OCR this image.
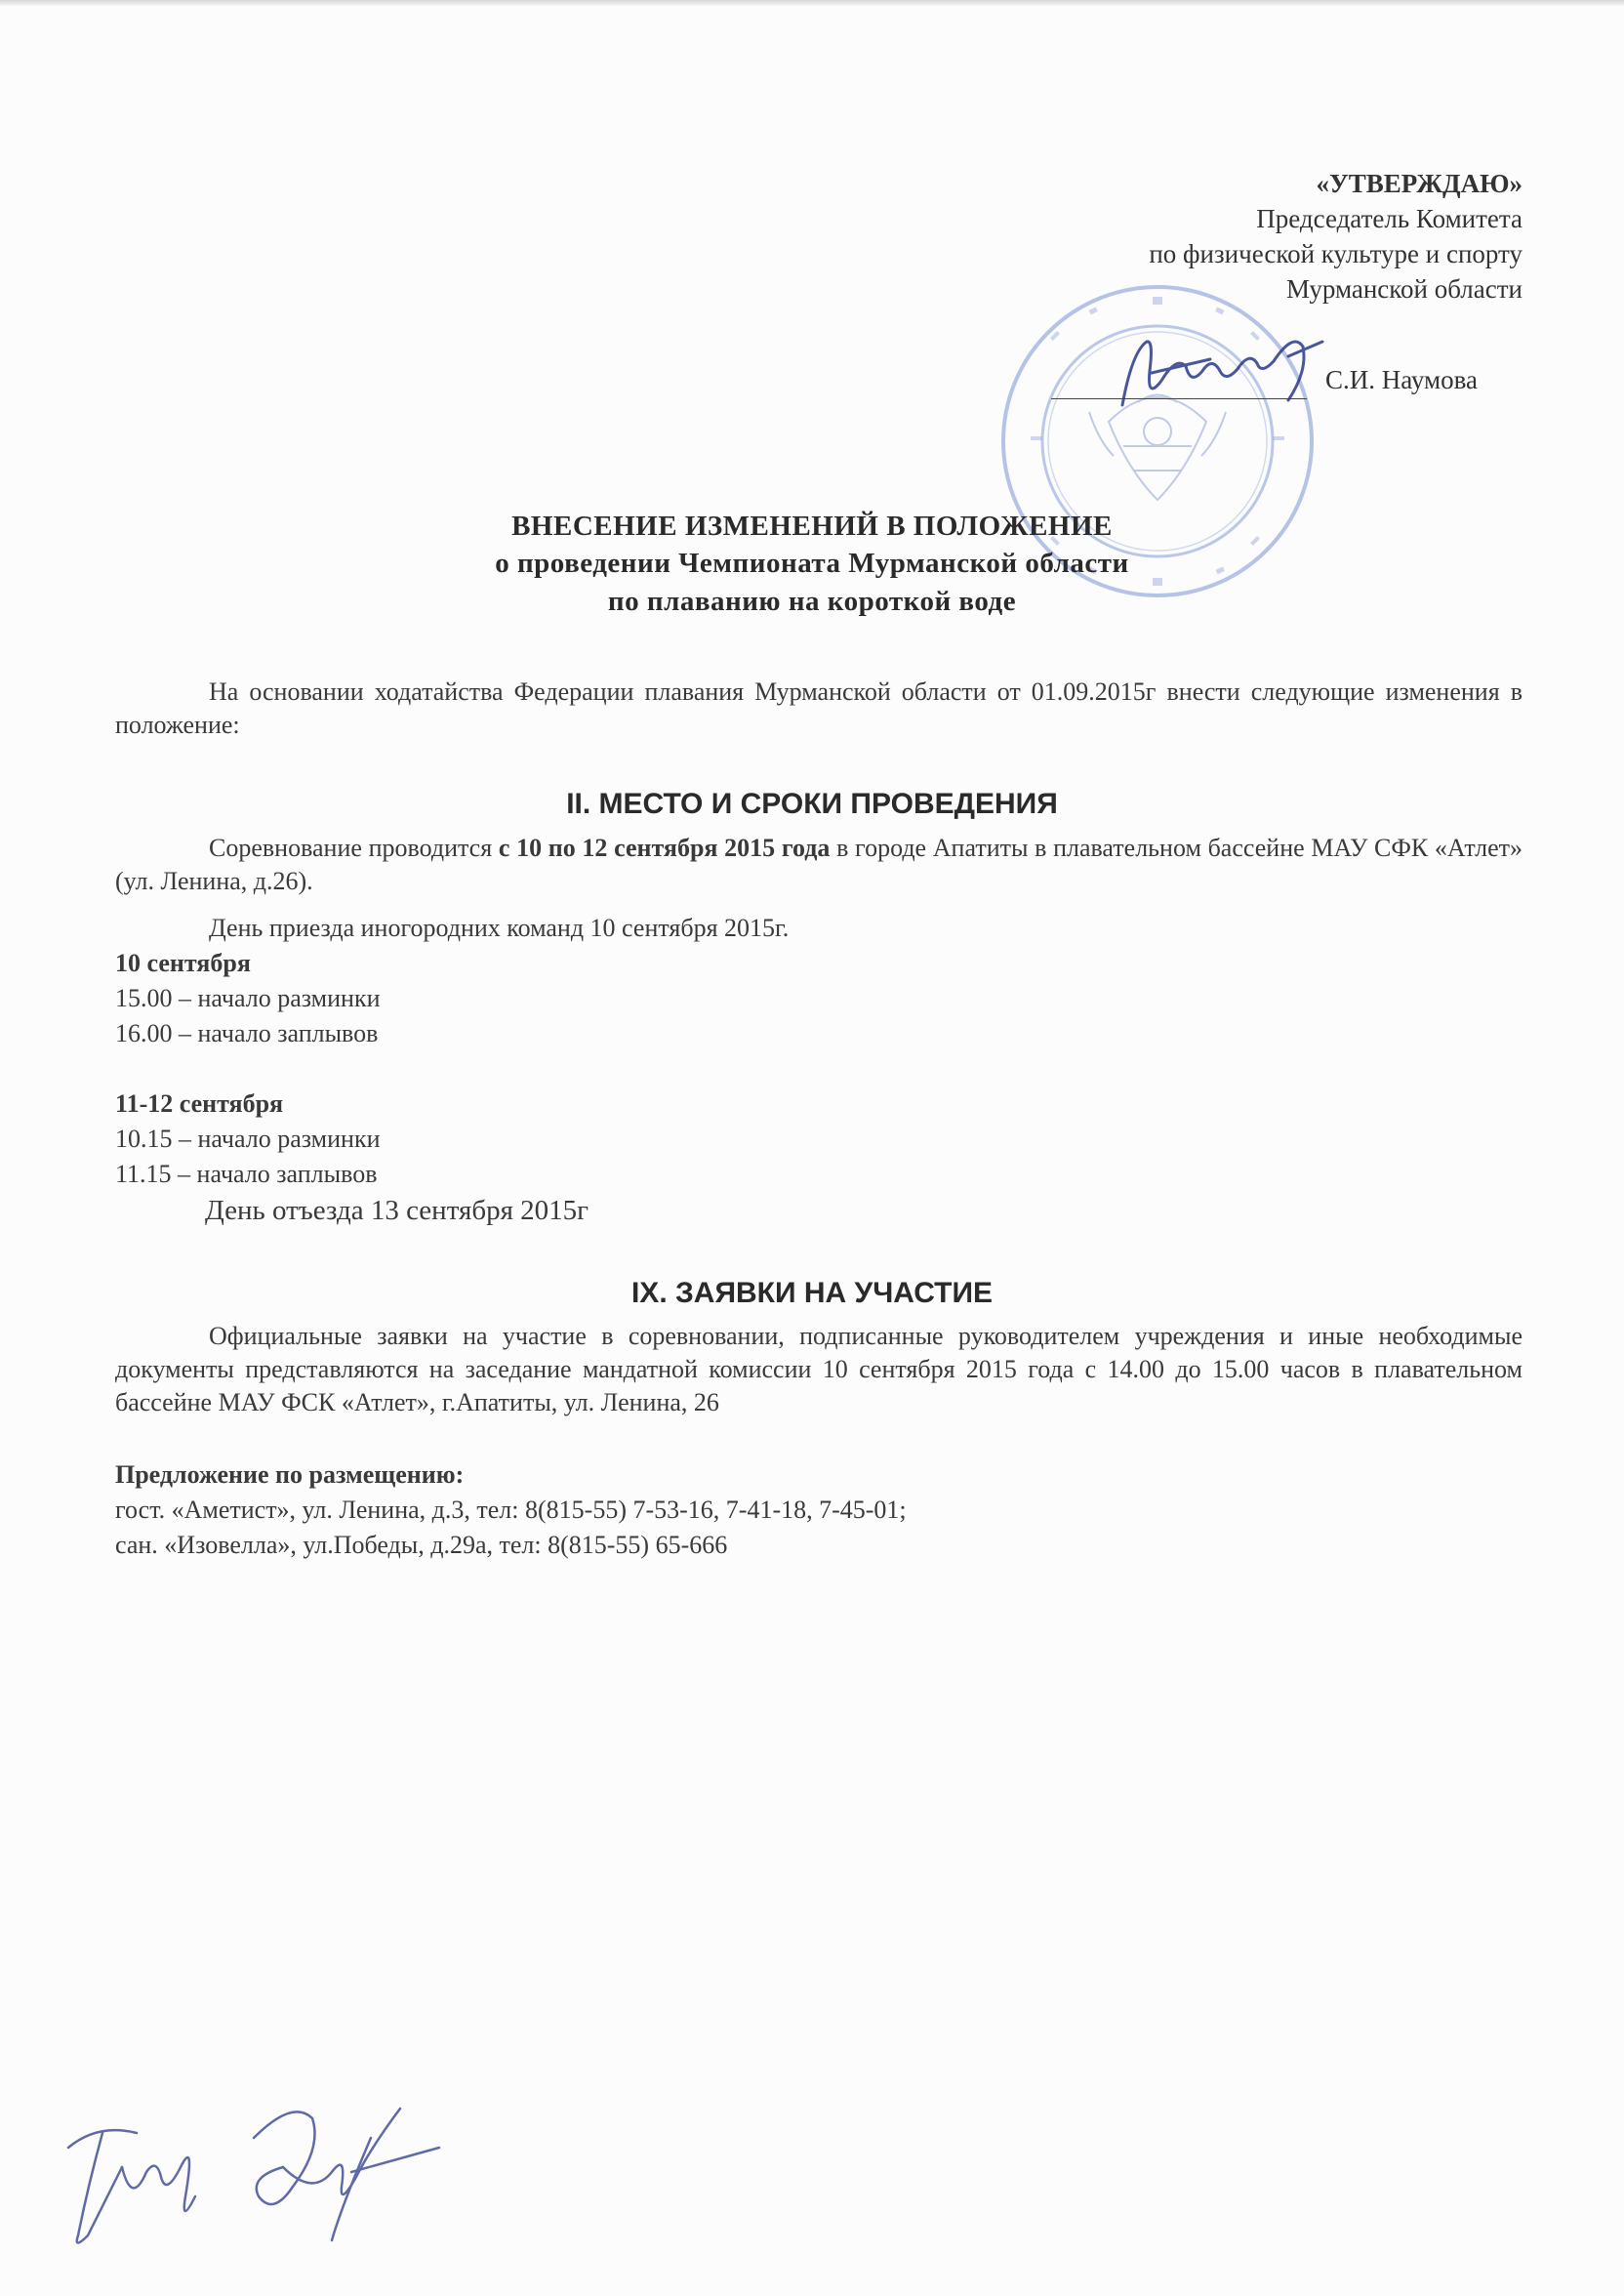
«УТВЕРЖДАЮ»
Председатель Комитета
по физической культуре и спорту
Мурманской области
С.И. Наумова
ВНЕСЕНИЕ ИЗМЕНЕНИЙ В ПОЛОЖЕНИЕ
о проведении Чемпионата Мурманской области
по плаванию на короткой воде
На основании ходатайства Федерации плавания Мурманской области от 01.09.2015г внести следующие изменения в положение:
II. МЕСТО И СРОКИ ПРОВЕДЕНИЯ
Соревнование проводится с 10 по 12 сентября 2015 года в городе Апатиты в плавательном бассейне МАУ СФК «Атлет» (ул. Ленина, д.26).
День приезда иногородних команд 10 сентября 2015г.
10 сентября
15.00 – начало разминки
16.00 – начало заплывов
11-12 сентября
10.15 – начало разминки
11.15 – начало заплывов
День отъезда 13 сентября 2015г
IX. ЗАЯВКИ НА УЧАСТИЕ
Официальные заявки на участие в соревновании, подписанные руководителем учреждения и иные необходимые документы представляются на заседание мандатной комиссии 10 сентября 2015 года с 14.00 до 15.00 часов в плавательном бассейне МАУ ФСК «Атлет», г.Апатиты, ул. Ленина, 26
Предложение по размещению:
гост. «Аметист», ул. Ленина, д.3, тел: 8(815-55) 7-53-16, 7-41-18, 7-45-01;
сан. «Изовелла», ул.Победы, д.29а, тел: 8(815-55) 65-666
